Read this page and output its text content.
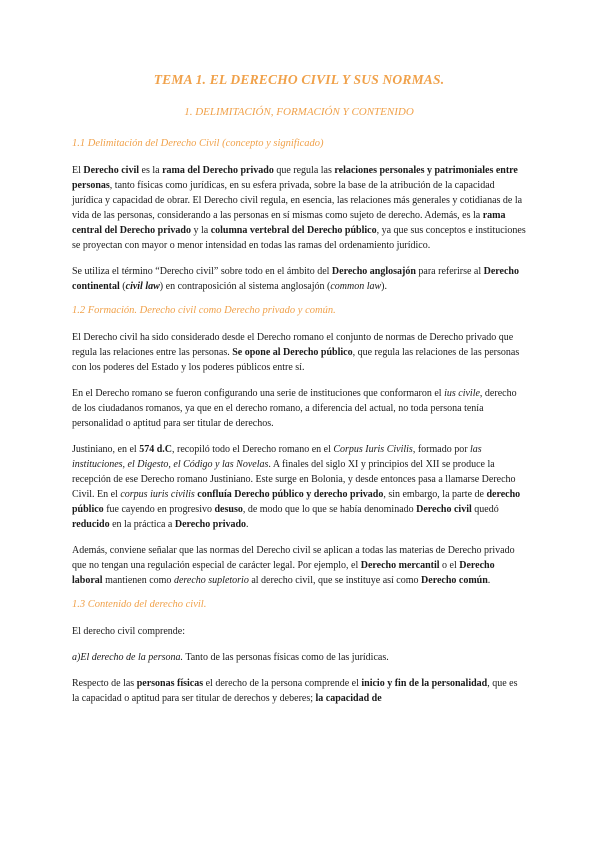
TEMA 1. EL DERECHO CIVIL Y SUS NORMAS.
1. DELIMITACIÓN, FORMACIÓN Y CONTENIDO
1.1 Delimitación del Derecho Civil (concepto y significado)

El Derecho civil es la rama del Derecho privado que regula las relaciones personales y patrimoniales entre personas, tanto físicas como jurídicas, en su esfera privada, sobre la base de la atribución de la capacidad jurídica y capacidad de obrar. El Derecho civil regula, en esencia, las relaciones más generales y cotidianas de la vida de las personas, considerando a las personas en sí mismas como sujeto de derecho. Además, es la rama central del Derecho privado y la columna vertebral del Derecho público, ya que sus conceptos e instituciones se proyectan con mayor o menor intensidad en todas las ramas del ordenamiento jurídico.

Se utiliza el término “Derecho civil” sobre todo en el ámbito del Derecho anglosajón para referirse al Derecho continental (civil law) en contraposición al sistema anglosajón (common law).

1.2 Formación. Derecho civil como Derecho privado y común.

El Derecho civil ha sido considerado desde el Derecho romano el conjunto de normas de Derecho privado que regula las relaciones entre las personas. Se opone al Derecho público, que regula las relaciones de las personas con los poderes del Estado y los poderes públicos entre sí.

En el Derecho romano se fueron configurando una serie de instituciones que conformaron el ius civile, derecho de los ciudadanos romanos, ya que en el derecho romano, a diferencia del actual, no toda persona tenía personalidad o aptitud para ser titular de derechos.

Justiniano, en el 574 d.C, recopiló todo el Derecho romano en el Corpus Iuris Civilis, formado por las instituciones, el Digesto, el Código y las Novelas. A finales del siglo XI y principios del XII se produce la recepción de ese Derecho romano Justiniano. Este surge en Bolonia, y desde entonces pasa a llamarse Derecho Civil. En el corpus iuris civilis confluía Derecho público y derecho privado, sin embargo, la parte de derecho público fue cayendo en progresivo desuso, de modo que lo que se había denominado Derecho civil quedó reducido en la práctica a Derecho privado.

Además, conviene señalar que las normas del Derecho civil se aplican a todas las materias de Derecho privado que no tengan una regulación especial de carácter legal. Por ejemplo, el Derecho mercantil o el Derecho laboral mantienen como derecho supletorio al derecho civil, que se instituye así como Derecho común.

1.3 Contenido del derecho civil.

El derecho civil comprende:

a)El derecho de la persona. Tanto de las personas físicas como de las jurídicas.

Respecto de las personas físicas el derecho de la persona comprende el inicio y fin de la personalidad, que es la capacidad o aptitud para ser titular de derechos y deberes; la capacidad de
